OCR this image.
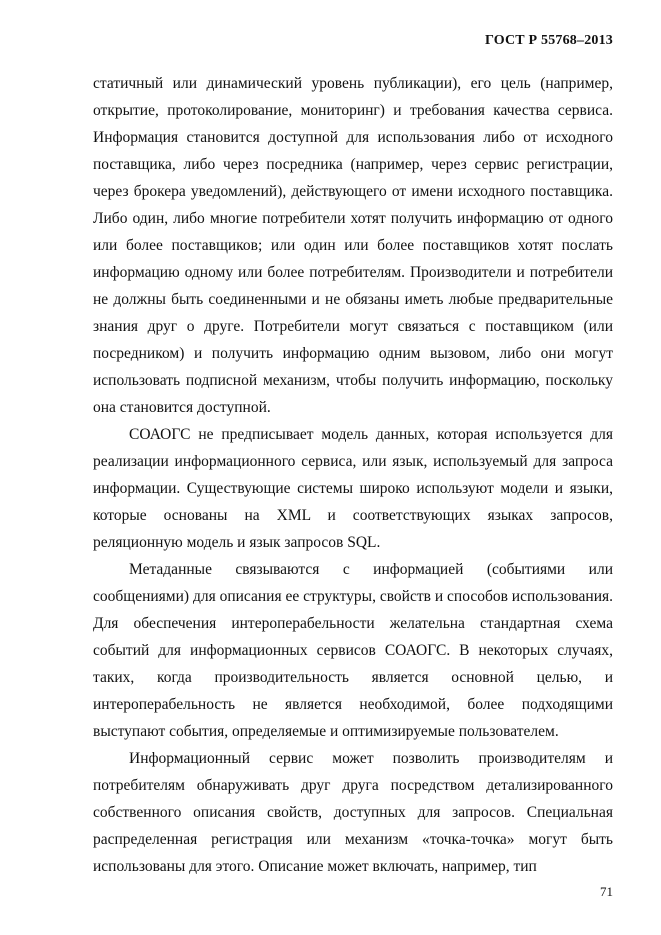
ГОСТ Р 55768–2013

статичный или динамический уровень публикации), его цель (например, открытие, протоколирование, мониторинг) и требования качества сервиса. Информация становится доступной для использования либо от исходного поставщика, либо через посредника (например, через сервис регистрации, через брокера уведомлений), действующего от имени исходного поставщика. Либо один, либо многие потребители хотят получить информацию от одного или более поставщиков; или один или более поставщиков хотят послать информацию одному или более потребителям. Производители и потребители не должны быть соединенными и не обязаны иметь любые предварительные знания друг о друге. Потребители могут связаться с поставщиком (или посредником) и получить информацию одним вызовом, либо они могут использовать подписной механизм, чтобы получить информацию, поскольку она становится доступной.

СОАОГС не предписывает модель данных, которая используется для реализации информационного сервиса, или язык, используемый для запроса информации. Существующие системы широко используют модели и языки, которые основаны на XML и соответствующих языках запросов, реляционную модель и язык запросов SQL.

Метаданные связываются с информацией (событиями или сообщениями) для описания ее структуры, свойств и способов использования. Для обеспечения интероперабельности желательна стандартная схема событий для информационных сервисов СОАОГС. В некоторых случаях, таких, когда производительность является основной целью, и интероперабельность не является необходимой, более подходящими выступают события, определяемые и оптимизируемые пользователем.

Информационный сервис может позволить производителям и потребителям обнаруживать друг друга посредством детализированного собственного описания свойств, доступных для запросов. Специальная распределенная регистрация или механизм «точка-точка» могут быть использованы для этого. Описание может включать, например, тип

71
